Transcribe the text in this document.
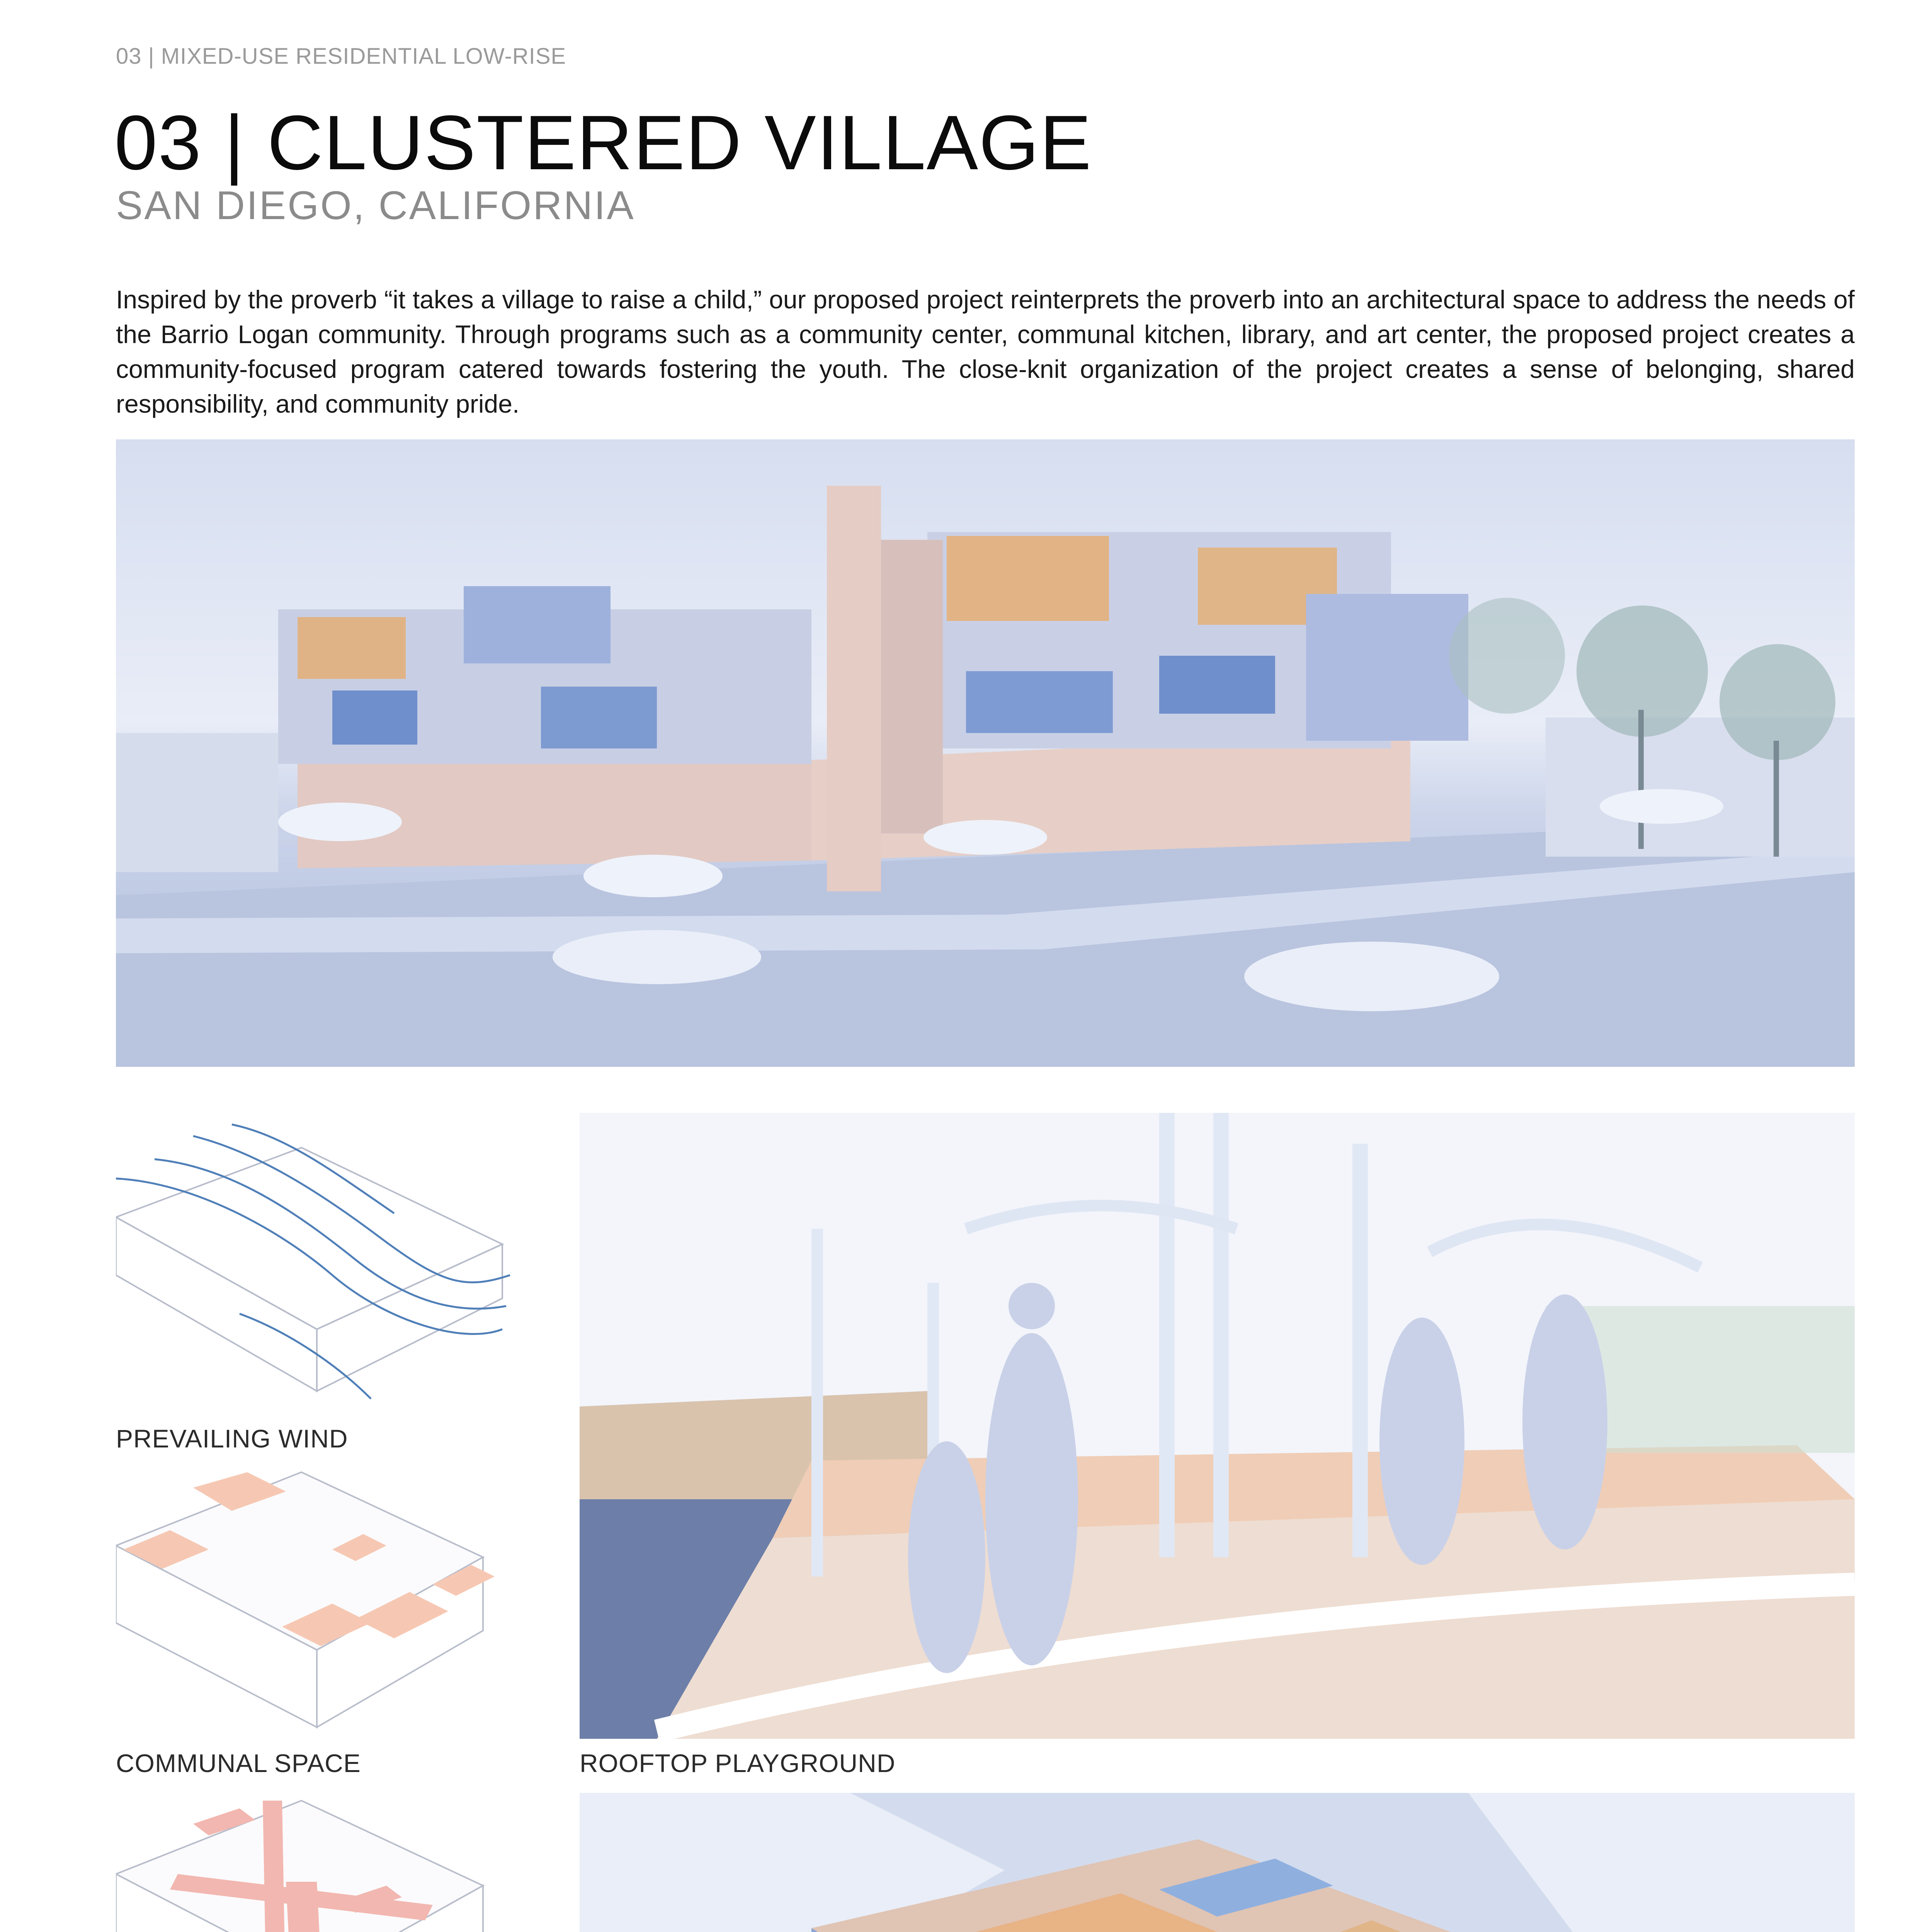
03 | MIXED-USE RESIDENTIAL LOW-RISE
03 | CLUSTERED VILLAGE
SAN DIEGO, CALIFORNIA
Inspired by the proverb “it takes a village to raise a child,” our proposed project reinterprets the proverb into an architectural space to address the needs of the Barrio Logan community. Through programs such as a community center, communal kitchen, library, and art center, the proposed project creates a community-focused program catered towards fostering the youth. The close-knit organization of the project creates a sense of belonging, shared responsibility, and community pride.
PREVAILING WIND
COMMUNAL SPACE	ROOFTOP PLAYGROUND
